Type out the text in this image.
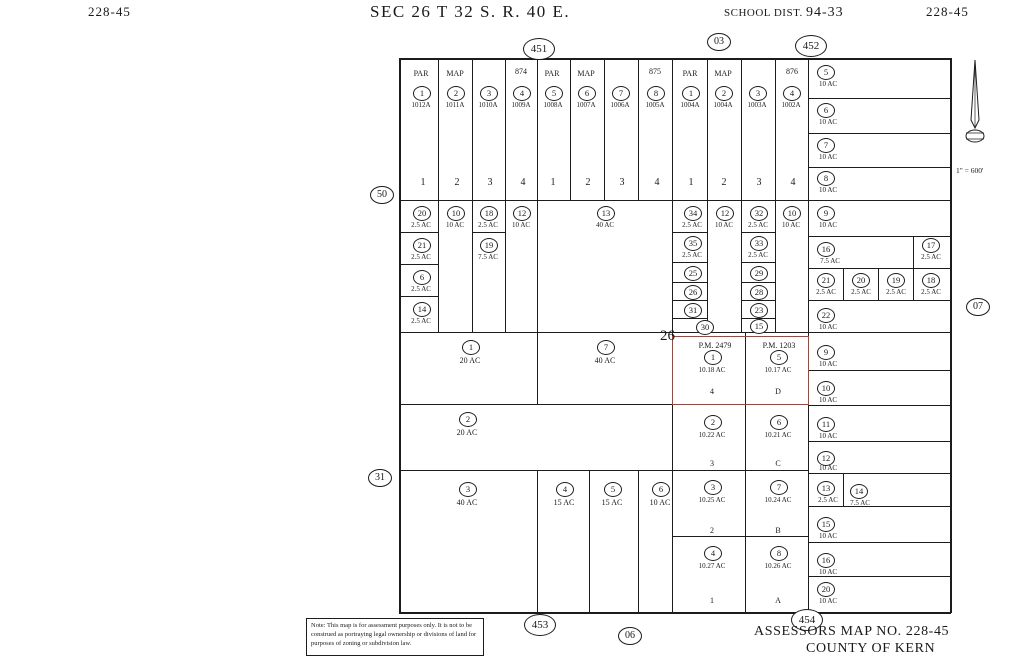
228-45	SEC 26 T 32 S. R. 40 E.	SCHOOL DIST. 94-33	228-45
26
451	452
453	454
50
31
03
06
07
PAR MAP	874 PAR MAP	875	PAR MAP	876
1
1012A
2
1011A
3
1010A
4
1009A
5
1008A
6
1007A
7
1006A
8
1005A
1
1004A
2
1004A
3
1003A
4
1002A
1	2	3	4	1	2	3	4	1	2	3	4
5
10 AC
6
10 AC
7
10 AC
8
10 AC
9
10 AC
16
7.5 AC
22
10 AC
9
10 AC
10
10 AC
11
10 AC
12
10 AC
13
2.5 AC
15
10 AC
16
10 AC
20
10 AC
20
2.5 AC
21
2.5 AC
6
2.5 AC
14
2.5 AC
10
10 AC
18
2.5 AC
19
7.5 AC
12
10 AC
13
40 AC
34
2.5 AC
35
2.5 AC
25
26
31
30
12
10 AC
32
2.5 AC
33
2.5 AC
29
28
23
15
10
10 AC
17
2.5 AC
21
2.5 AC
20
2.5 AC
19
2.5 AC
18
2.5 AC
1
20 AC
7
40 AC
2
20 AC
3
40 AC
4
15 AC
5
15 AC
6
10 AC
P.M. 2479	P.M. 1203
1
10.18 AC
4
5
10.17 AC
D
2
10.22 AC
3
6
10.21 AC
C
3
10.25 AC
2
7
10.24 AC
B
4
10.27 AC
1
8
10.26 AC
A
14
7.5 AC
1" = 600'
Note: This map is for assessment purposes only. It is not to be construed as portraying legal ownership or divisions of land for purposes of zoning or subdivision law.
ASSESSORS MAP NO. 228-45
COUNTY OF KERN
